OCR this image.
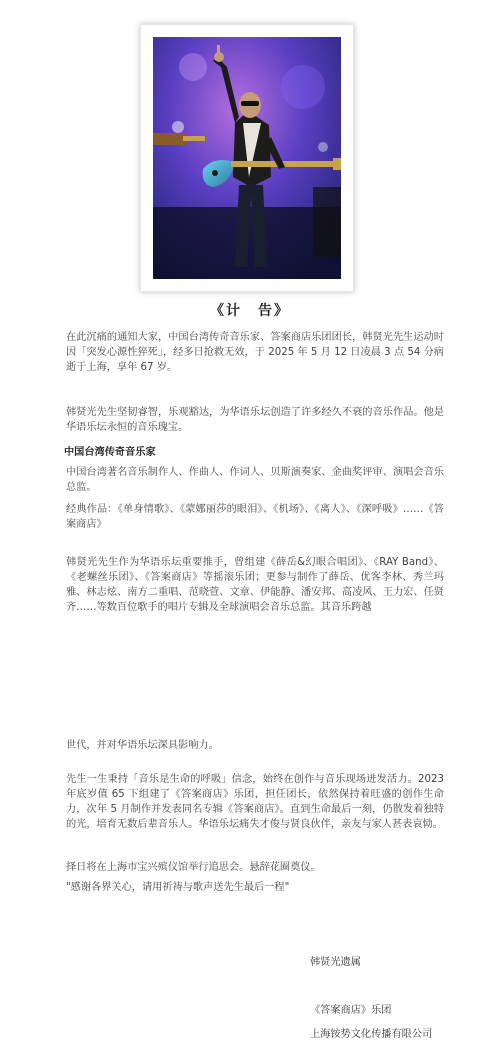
《计　告》

在此沉痛的通知大家，中国台湾传奇音乐家、答案商店乐团团长，韩贤光先生运动时因「突发心源性猝死」，经多日抢救无效，于 2025 年 5 月 12 日凌晨 3 点 54 分病逝于上海，享年 67 岁。

韩贤光先生坚韧睿智，乐观豁达，为华语乐坛创造了许多经久不衰的音乐作品。他是华语乐坛永恒的音乐瑰宝。

中国台湾传奇音乐家

中国台湾著名音乐制作人、作曲人、作词人、贝斯演奏家、金曲奖评审、演唱会音乐总监。

经典作品：《单身情歌》、《蒙娜丽莎的眼泪》、《机场》、《离人》、《深呼吸》……《答案商店》

韩贤光先生作为华语乐坛重要推手，曾组建《薛岳&幻眼合唱团》、《RAY Band》、《老螺丝乐团》、《答案商店》等摇滚乐团；更参与制作了薛岳、优客李林、秀兰玛雅、林志炫、南方二重唱、范晓萱、文章、伊能静、潘安邦、高凌风、王力宏、任贤齐……等数百位歌手的唱片专辑及全球演唱会音乐总监。其音乐跨越

世代，并对华语乐坛深具影响力。

先生一生秉持「音乐是生命的呼吸」信念，始终在创作与音乐现场迸发活力。2023 年底岁值 65 下组建了《答案商店》乐团，担任团长，依然保持着旺盛的创作生命力，次年 5 月制作并发表同名专辑《答案商店》。直到生命最后一刻，仍散发着独特的光，培育无数后辈音乐人。华语乐坛痛失才俊与贤良伙伴，亲友与家人甚表哀恸。

择日将在上海市宝兴殡仪馆举行追思会。悬辞花圈奠仪。

"感谢各界关心，请用祈祷与歌声送先生最后一程"

韩贤光遗属
《答案商店》乐团
上海铵势文化传播有限公司
